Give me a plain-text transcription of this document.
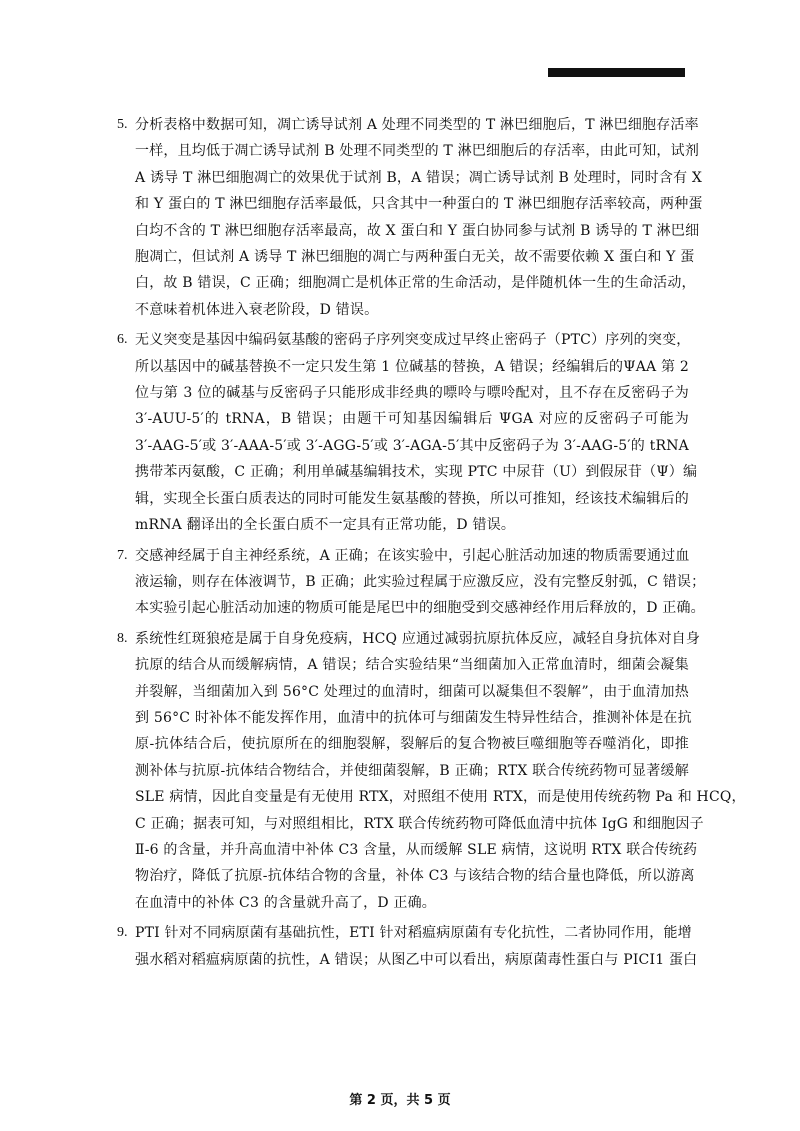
5. 分析表格中数据可知，凋亡诱导试剂 A 处理不同类型的 T 淋巴细胞后，T 淋巴细胞存活率
一样，且均低于凋亡诱导试剂 B 处理不同类型的 T 淋巴细胞后的存活率，由此可知，试剂
A 诱导 T 淋巴细胞凋亡的效果优于试剂 B，A 错误；凋亡诱导试剂 B 处理时，同时含有 X
和 Y 蛋白的 T 淋巴细胞存活率最低，只含其中一种蛋白的 T 淋巴细胞存活率较高，两种蛋
白均不含的 T 淋巴细胞存活率最高，故 X 蛋白和 Y 蛋白协同参与试剂 B 诱导的 T 淋巴细
胞凋亡，但试剂 A 诱导 T 淋巴细胞的凋亡与两种蛋白无关，故不需要依赖 X 蛋白和 Y 蛋
白，故 B 错误，C 正确；细胞凋亡是机体正常的生命活动，是伴随机体一生的生命活动，
不意味着机体进入衰老阶段，D 错误。
6. 无义突变是基因中编码氨基酸的密码子序列突变成过早终止密码子（PTC）序列的突变，
所以基因中的碱基替换不一定只发生第 1 位碱基的替换，A 错误；经编辑后的ΨAA 第 2
位与第 3 位的碱基与反密码子只能形成非经典的嘌呤与嘌呤配对，且不存在反密码子为
3′-AUU-5′的 tRNA，B 错误；由题干可知基因编辑后 ΨGA 对应的反密码子可能为
3′-AAG-5′或 3′-AAA-5′或 3′-AGG-5′或 3′-AGA-5′其中反密码子为 3′-AAG-5′的 tRNA
携带苯丙氨酸，C 正确；利用单碱基编辑技术，实现 PTC 中尿苷（U）到假尿苷（Ψ）编
辑，实现全长蛋白质表达的同时可能发生氨基酸的替换，所以可推知，经该技术编辑后的
mRNA 翻译出的全长蛋白质不一定具有正常功能，D 错误。
7. 交感神经属于自主神经系统，A 正确；在该实验中，引起心脏活动加速的物质需要通过血
液运输，则存在体液调节，B 正确；此实验过程属于应激反应，没有完整反射弧，C 错误；
本实验引起心脏活动加速的物质可能是尾巴中的细胞受到交感神经作用后释放的，D 正确。
8. 系统性红斑狼疮是属于自身免疫病，HCQ 应通过减弱抗原抗体反应，减轻自身抗体对自身
抗原的结合从而缓解病情，A 错误；结合实验结果“当细菌加入正常血清时，细菌会凝集
并裂解，当细菌加入到 56°C 处理过的血清时，细菌可以凝集但不裂解”，由于血清加热
到 56°C 时补体不能发挥作用，血清中的抗体可与细菌发生特异性结合，推测补体是在抗
原-抗体结合后，使抗原所在的细胞裂解，裂解后的复合物被巨噬细胞等吞噬消化，即推
测补体与抗原-抗体结合物结合，并使细菌裂解，B 正确；RTX 联合传统药物可显著缓解
SLE 病情，因此自变量是有无使用 RTX，对照组不使用 RTX，而是使用传统药物 Pa 和 HCQ，
C 正确；据表可知，与对照组相比，RTX 联合传统药物可降低血清中抗体 IgG 和细胞因子
Ⅱ-6 的含量，并升高血清中补体 C3 含量，从而缓解 SLE 病情，这说明 RTX 联合传统药
物治疗，降低了抗原-抗体结合物的含量，补体 C3 与该结合物的结合量也降低，所以游离
在血清中的补体 C3 的含量就升高了，D 正确。
9. PTI 针对不同病原菌有基础抗性，ETI 针对稻瘟病原菌有专化抗性，二者协同作用，能增
强水稻对稻瘟病原菌的抗性，A 错误；从图乙中可以看出，病原菌毒性蛋白与 PICI1 蛋白
第 2 页，共 5 页
